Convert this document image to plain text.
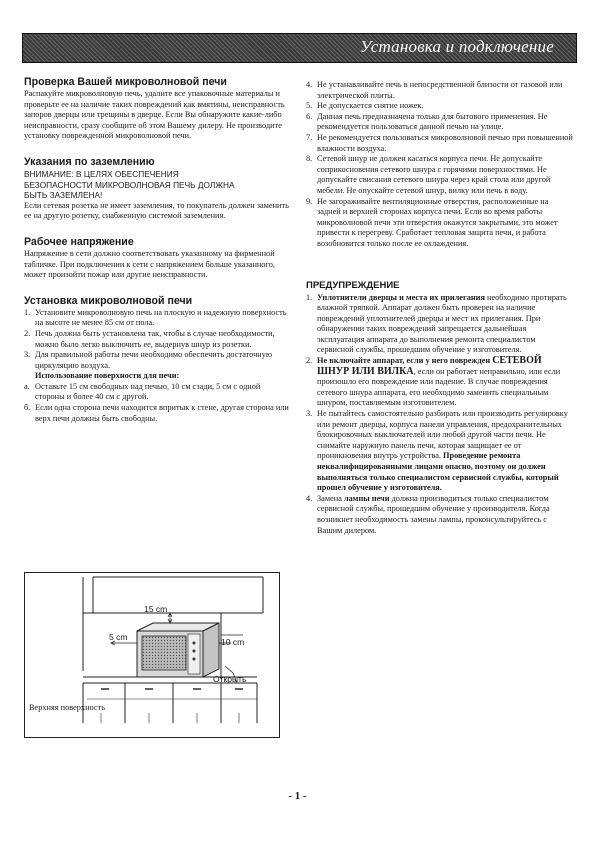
Установка и подключение
Проверка Вашей микроволновой печи

Распакуйте микроволновую печь, удалите все упаковочные материалы и проверьте ее на наличие таких повреждений как вмятины, неисправность запоров дверцы или трещины в дверце. Если Вы обнаружите какие-либо неисправности, сразу сообщите об этом Вашему дилеру. Не производите установку поврежденной микроволновой печи.

Указания по заземлению
ВНИМАНИЕ: В ЦЕЛЯХ ОБЕСПЕЧЕНИЯ
БЕЗОПАСНОСТИ МИКРОВОЛНОВАЯ ПЕЧЬ ДОЛЖНА
БЫТЬ ЗАЗЕМЛЕНА!

Если сетевая розетка не имеет заземления, то покупатель должен заменить ее на другую розетку, снабженную системой заземления.

Рабочее напряжение

Напряжение в сети должно соответствовать указанному на фирменной табличке. При подключении к сети с напряжением больше указанного, может произойти пожар или другие неисправности.

Установка микроволновой печи
1. Установите микроволновую печь на плоскую и надежную поверхность на высоте не менее 85 см от пола.
2. Печь должна быть установлена так, чтобы в случае необходимости, можно было легко выключить ее, выдернув шнур из розетки.
3. Для правильной работы печи необходимо обеспечить достаточную циркуляцию воздуха.
Использование поверхности для печи:
а. Оставьте 15 см свободных над печью, 10 см сзади, 5 см с одной стороны и более 40 см с другой.
б. Если одна сторона печи находится впритык к стене, другая сторона или верх печи должны быть свободны.
15 cm
5 cm	10 cm
Открыть
Верхняя поверхность
4. Не устанавливайте печь в непосредственной близости от газовой или электрической плиты.
5. Не допускается снятие ножек.
6. Данная печь предназначена только для бытового применения. Не рекомендуется пользоваться данной печью на улице.
7. Не рекомендуется пользоваться микроволновой печью при повышенной влажности воздуха.
8. Сетевой шнур не должен касаться корпуса печи. Не допускайте соприкосновения сетевого шнура с горячими поверхностями. Не допускайте свисания сетевого шнура через край стола или другой мебели. Не опускайте сетевой шнур, вилку или печь в воду.
9. Не загораживайте вентиляционные отверстия, расположенные на задней и верхней сторонах корпуса печи. Если во время работы микроволновой печи эти отверстия окажутся закрытыми, это может привести к перегреву. Сработает тепловая защита печи, и работа возобновится только после ее охлаждения.
ПРЕДУПРЕЖДЕНИЕ
1. Уплотнители дверцы и места их прилегания необходимо протирать влажной тряпкой. Аппарат должен быть проверен на наличие повреждений уплотнителей дверцы и мест их прилегания. При обнаружении таких повреждений запрещается дальнейшая эксплуатация аппарата до выполнения ремонта специалистом сервисной службы, прошедшим обучение у изготовителя.
2. Не включайте аппарат, если у него поврежден СЕТЕВОЙ ШНУР ИЛИ ВИЛКА, если он работает неправильно, или если произошло его повреждение или падение. В случае повреждения сетевого шнура аппарата, его необходимо заменить специальным шнуром, поставляемым изготовителем.
3. Не пытайтесь самостоятельно разбирать или производить регулировку или ремонт дверцы, корпуса панели управления, предохранительных блокировочных выключателей или любой другой части печи. Не снимайте наружную панель печи, которая защищает ее от проникновения внутрь устройства. Проведение ремонта неквалифицированными лицами опасно, поэтому он должен выполняться только специалистом сервисной службы, который прошел обучение у изготовителя.
4. Замена лампы печи должна производиться только специалистом сервисной службы, прошедшим обучение у производителя. Когда возникнет необходимость замены лампы, проконсультируйтесь с Вашим дилером.
- 1 -
